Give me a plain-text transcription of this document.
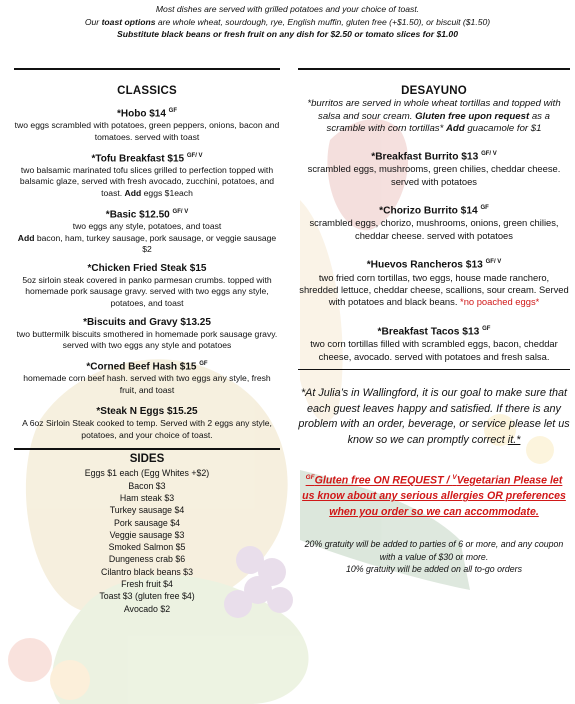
Most dishes are served with grilled potatoes and your choice of toast.
Our toast options are whole wheat, sourdough, rye, English muffin, gluten free (+$1.50), or biscuit ($1.50)
Substitute black beans or fresh fruit on any dish for $2.50 or tomato slices for $1.00
CLASSICS
*Hobo $14 $^{GF}$
two eggs scrambled with potatoes, green peppers, onions, bacon and tomatoes. served with toast
*Tofu Breakfast $15 $^{GF/ V}$
two balsamic marinated tofu slices grilled to perfection topped with balsamic glaze, served with fresh avocado, zucchini, potatoes, and toast. Add eggs $1each
*Basic $12.50 $^{GF/ V}$
two eggs any style, potatoes, and toast
Add bacon, ham, turkey sausage, pork sausage, or veggie sausage $2
*Chicken Fried Steak $15
5oz sirloin steak covered in panko parmesan crumbs. topped with homemade pork sausage gravy. served with two eggs any style, potatoes, and toast
*Biscuits and Gravy $13.25
two buttermilk biscuits smothered in homemade pork sausage gravy. served with two eggs any style and potatoes
*Corned Beef Hash $15 $^{GF}$
homemade corn beef hash. served with two eggs any style, fresh fruit, and toast
*Steak N Eggs $15.25
A 6oz Sirloin Steak cooked to temp. Served with 2 eggs any style, potatoes, and your choice of toast.
SIDES
Eggs $1 each (Egg Whites +$2)
Bacon $3
Ham steak $3
Turkey sausage $4
Pork sausage $4
Veggie sausage $3
Smoked Salmon $5
Dungeness crab $6
Cilantro black beans $3
Fresh fruit $4
Toast $3 (gluten free $4)
Avocado $2
DESAYUNO
*burritos are served in whole wheat tortillas and topped with salsa and sour cream. Gluten free upon request as a scramble with corn tortillas* Add guacamole for $1
*Breakfast Burrito $13 $^{GF/ V}$
scrambled eggs, mushrooms, green chilies, cheddar cheese. served with potatoes
*Chorizo Burrito $14 $^{GF}$
scrambled eggs, chorizo, mushrooms, onions, green chilies, cheddar cheese. served with potatoes
*Huevos Rancheros $13 $^{GF/ V}$
two fried corn tortillas, two eggs, house made ranchero, shredded lettuce, cheddar cheese, scallions, sour cream. Served with potatoes and black beans. *no poached eggs*
*Breakfast Tacos $13 $^{GF}$
two corn tortillas filled with scrambled eggs, bacon, cheddar cheese, avocado. served with potatoes and fresh salsa.
*At Julia’s in Wallingford, it is our goal to make sure that each guest leaves happy and satisfied. If there is any problem with an order, beverage, or service please let us know so we can promptly correct it.*
$^{GF}$Gluten free ON REQUEST / $^V$Vegetarian Please let us know about any serious allergies OR preferences when you order so we can accommodate.
20% gratuity will be added to parties of 6 or more, and any coupon with a value of $30 or more.
10% gratuity will be added on all to-go orders
